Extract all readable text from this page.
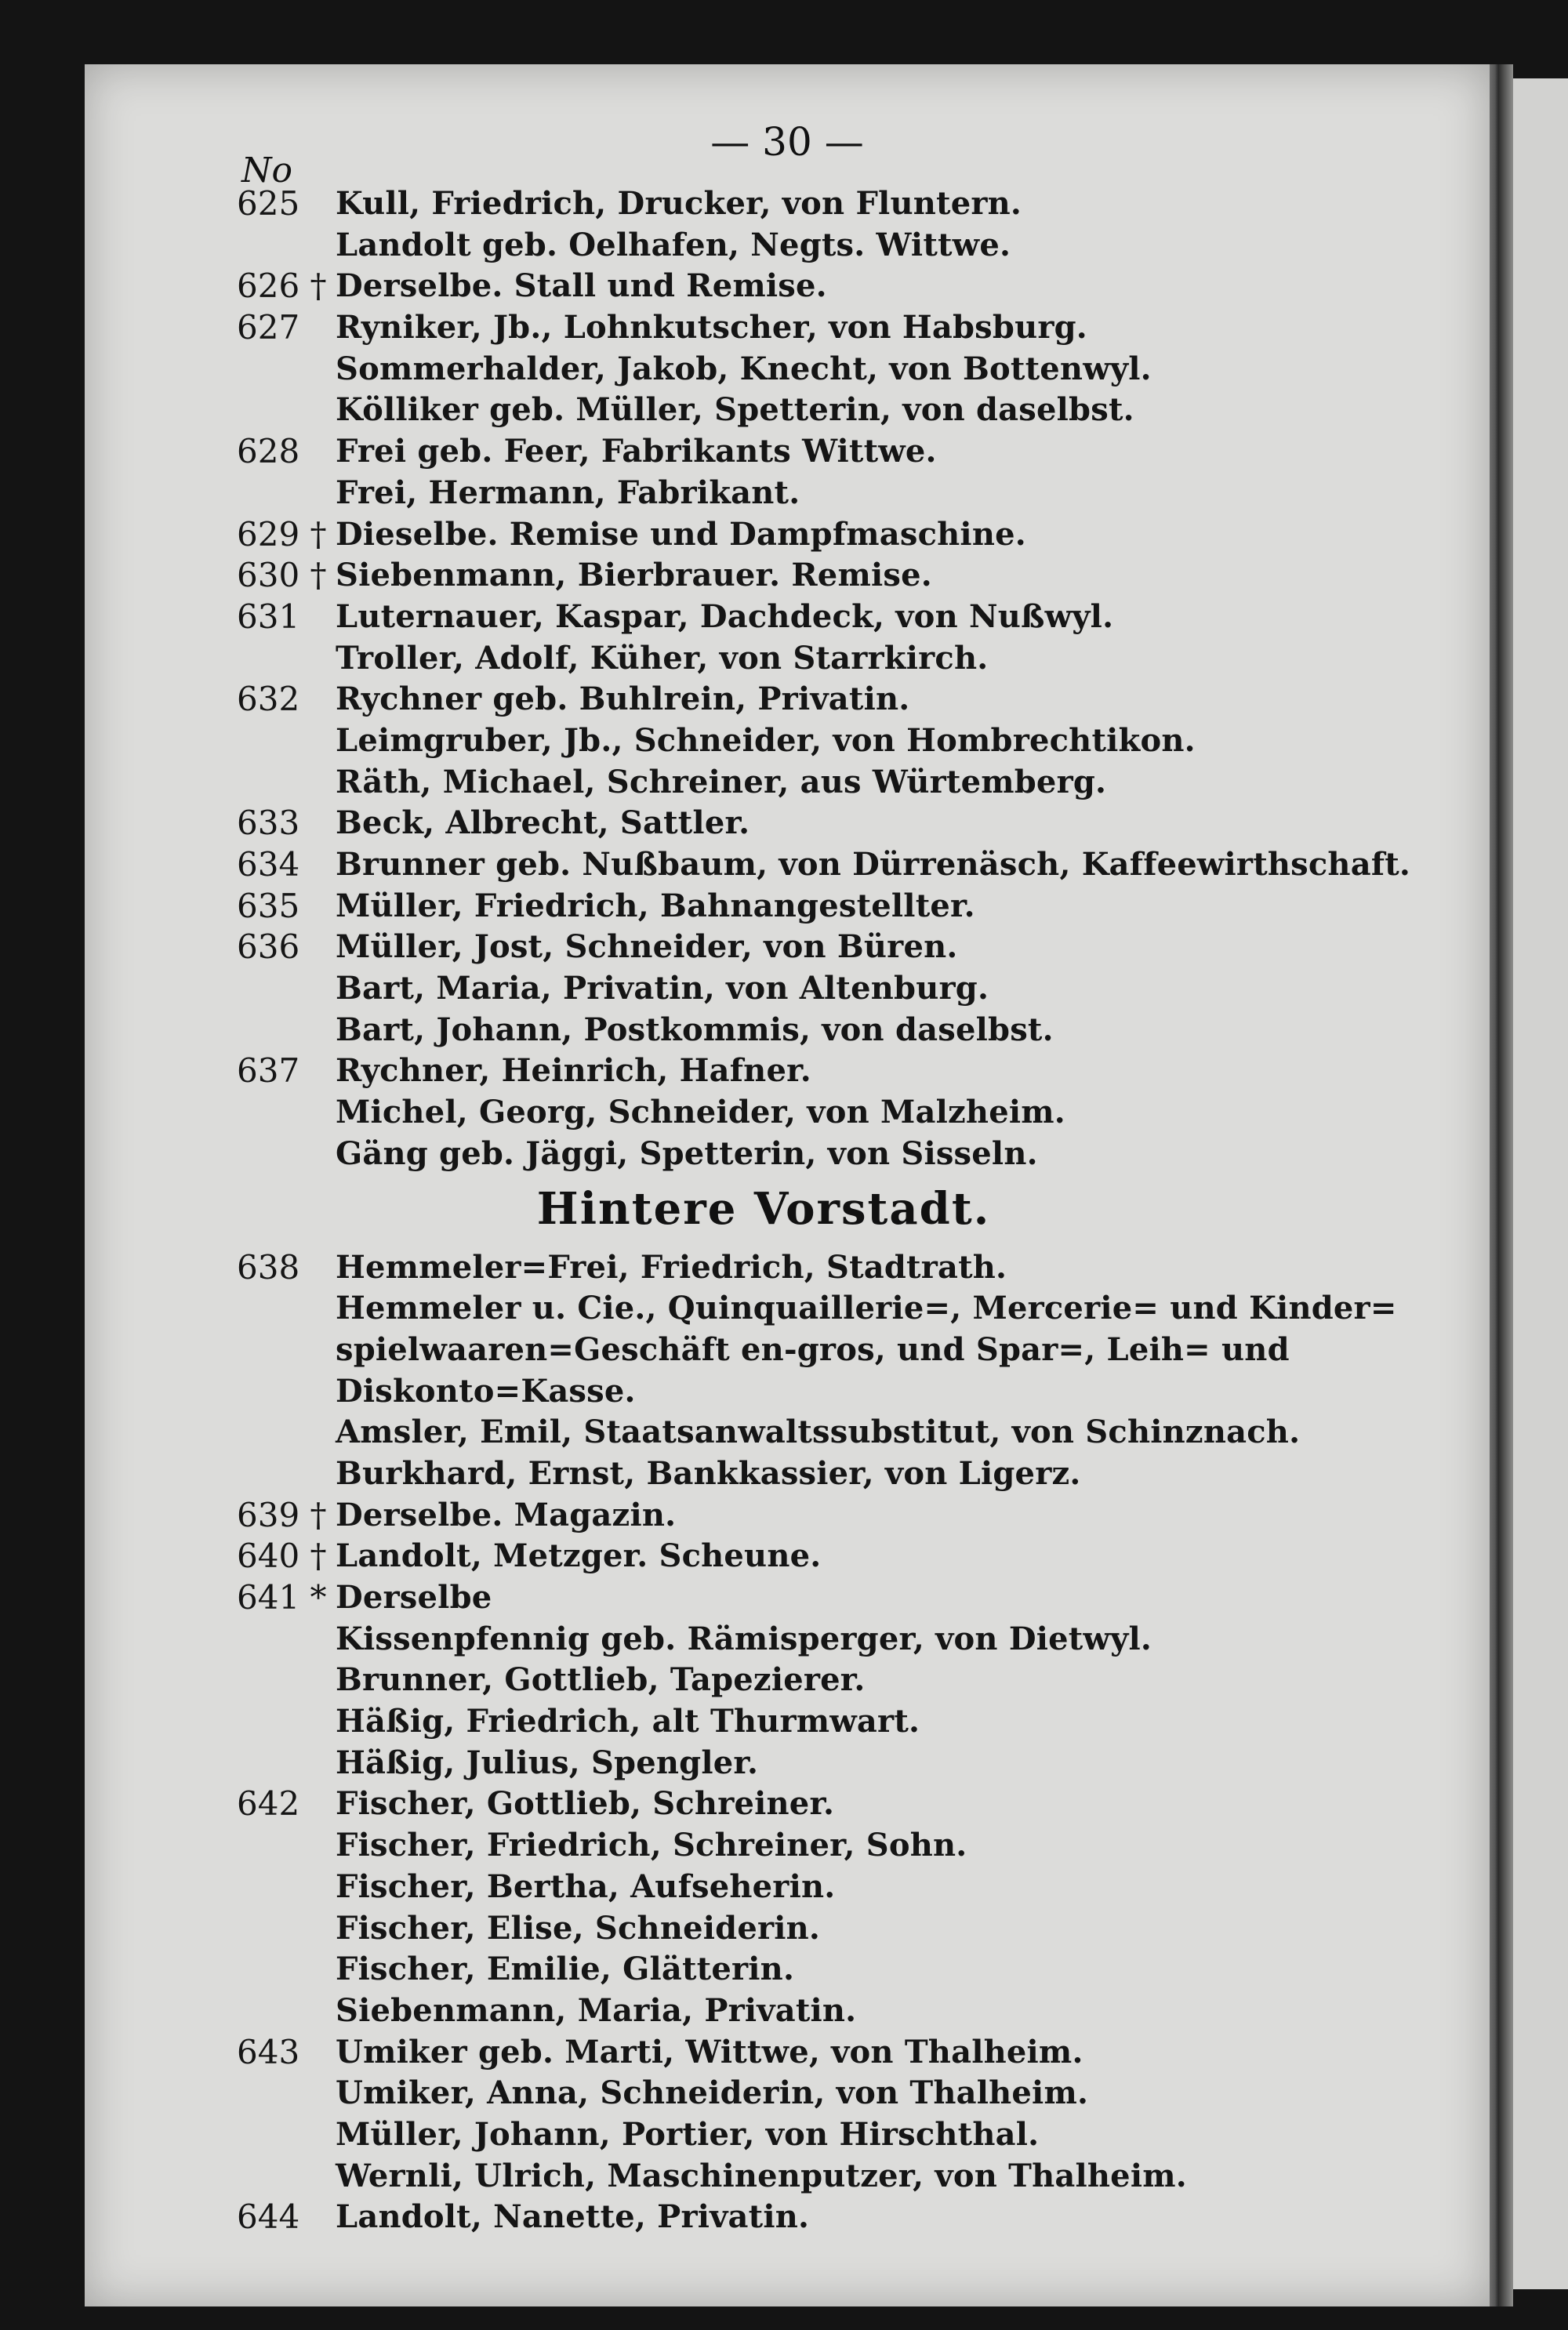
— 30 —
No
625	Kull, Friedrich, Drucker, von Fluntern.
Landolt geb. Oelhafen, Negts. Wittwe.
626 † Derselbe. Stall und Remise.
627	Ryniker, Jb., Lohnkutscher, von Habsburg.
Sommerhalder, Jakob, Knecht, von Bottenwyl.
Kölliker geb. Müller, Spetterin, von daselbst.
628	Frei geb. Feer, Fabrikants Wittwe.
Frei, Hermann, Fabrikant.
629 † Dieselbe. Remise und Dampfmaschine.
630 † Siebenmann, Bierbrauer. Remise.
631	Luternauer, Kaspar, Dachdeck, von Nußwyl.
Troller, Adolf, Küher, von Starrkirch.
632	Rychner geb. Buhlrein, Privatin.
Leimgruber, Jb., Schneider, von Hombrechtikon.
Räth, Michael, Schreiner, aus Würtemberg.
633	Beck, Albrecht, Sattler.
634	Brunner geb. Nußbaum, von Dürrenäsch, Kaffeewirthschaft.
635	Müller, Friedrich, Bahnangestellter.
636	Müller, Jost, Schneider, von Büren.
Bart, Maria, Privatin, von Altenburg.
Bart, Johann, Postkommis, von daselbst.
637	Rychner, Heinrich, Hafner.
Michel, Georg, Schneider, von Malzheim.
Gäng geb. Jäggi, Spetterin, von Sisseln.
Hintere Vorstadt.
638	Hemmeler=Frei, Friedrich, Stadtrath.
Hemmeler u. Cie., Quinquaillerie=, Mercerie= und Kinder=
spielwaaren=Geschäft en-gros, und Spar=, Leih= und
Diskonto=Kasse.
Amsler, Emil, Staatsanwaltssubstitut, von Schinznach.
Burkhard, Ernst, Bankkassier, von Ligerz.
639 † Derselbe. Magazin.
640 † Landolt, Metzger. Scheune.
641 * Derselbe
Kissenpfennig geb. Rämisperger, von Dietwyl.
Brunner, Gottlieb, Tapezierer.
Häßig, Friedrich, alt Thurmwart.
Häßig, Julius, Spengler.
642	Fischer, Gottlieb, Schreiner.
Fischer, Friedrich, Schreiner, Sohn.
Fischer, Bertha, Aufseherin.
Fischer, Elise, Schneiderin.
Fischer, Emilie, Glätterin.
Siebenmann, Maria, Privatin.
643	Umiker geb. Marti, Wittwe, von Thalheim.
Umiker, Anna, Schneiderin, von Thalheim.
Müller, Johann, Portier, von Hirschthal.
Wernli, Ulrich, Maschinenputzer, von Thalheim.
644	Landolt, Nanette, Privatin.
